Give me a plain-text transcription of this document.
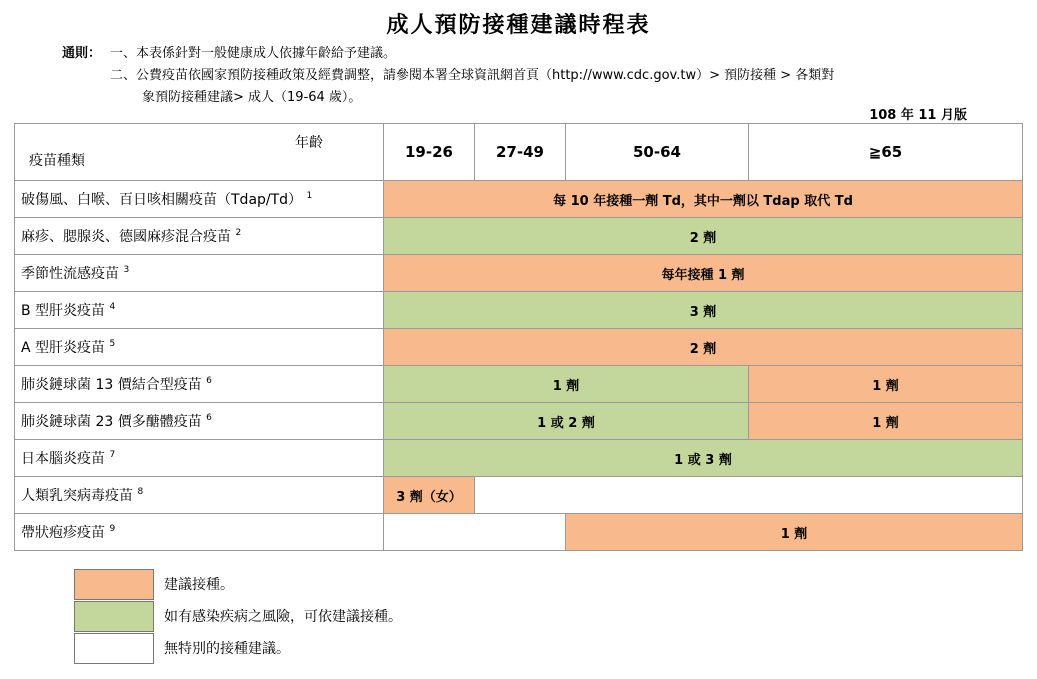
成人預防接種建議時程表
通則： 一、本表係針對一般健康成人依據年齡給予建議。
二、公費疫苗依國家預防接種政策及經費調整，請參閱本署全球資訊網首頁（http://www.cdc.gov.tw）> 預防接種 > 各類對
象預防接種建議> 成人（19-64 歲）。
108 年 11 月版
年齡
疫苗種類	19-26	27-49	50-64	≧65
破傷風、白喉、百日咳相關疫苗（Tdap/Td） $^1$	每 10 年接種一劑 Td，其中一劑以 Tdap 取代 Td			
麻疹、腮腺炎、德國麻疹混合疫苗 $^2$	2 劑			
季節性流感疫苗 $^3$	每年接種 1 劑			
B 型肝炎疫苗 $^4$	3 劑			
A 型肝炎疫苗 $^5$	2 劑			
肺炎鏈球菌 13 價結合型疫苗 $^6$	1 劑			1 劑
肺炎鏈球菌 23 價多醣體疫苗 $^6$	1 或 2 劑			1 劑
日本腦炎疫苗 $^7$	1 或 3 劑			
人類乳突病毒疫苗 $^8$	3 劑（女）			
帶狀疱疹疫苗 $^9$			1 劑	
建議接種。
如有感染疾病之風險，可依建議接種。
無特別的接種建議。
